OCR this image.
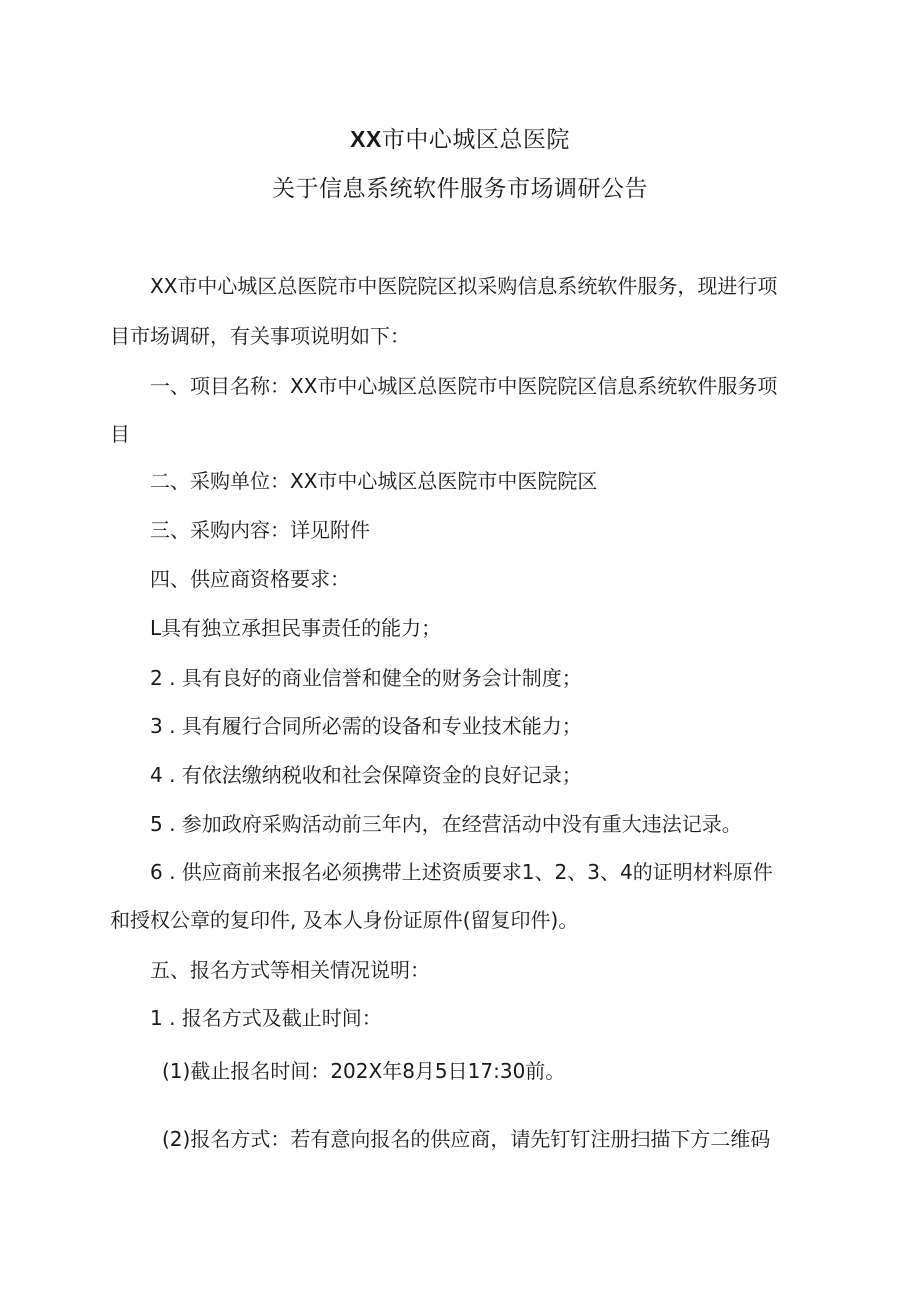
XX市中心城区总医院
关于信息系统软件服务市场调研公告
XX市中心城区总医院市中医院院区拟采购信息系统软件服务，现进行项
目市场调研，有关事项说明如下：
一、项目名称：XX市中心城区总医院市中医院院区信息系统软件服务项
目
二、采购单位：XX市中心城区总医院市中医院院区
三、采购内容：详见附件
四、供应商资格要求：
L具有独立承担民事责任的能力；
2 . 具有良好的商业信誉和健全的财务会计制度；
3 . 具有履行合同所必需的设备和专业技术能力；
4 . 有依法缴纳税收和社会保障资金的良好记录；
5 . 参加政府采购活动前三年内，在经营活动中没有重大违法记录。
6 . 供应商前来报名必须携带上述资质要求1、2、3、4的证明材料原件
和授权公章的复印件, 及本人身份证原件(留复印件)。
五、报名方式等相关情况说明：
1 . 报名方式及截止时间：
(1)截止报名时间：202X年8月5日17:30前。
(2)报名方式：若有意向报名的供应商，请先钉钉注册扫描下方二维码
